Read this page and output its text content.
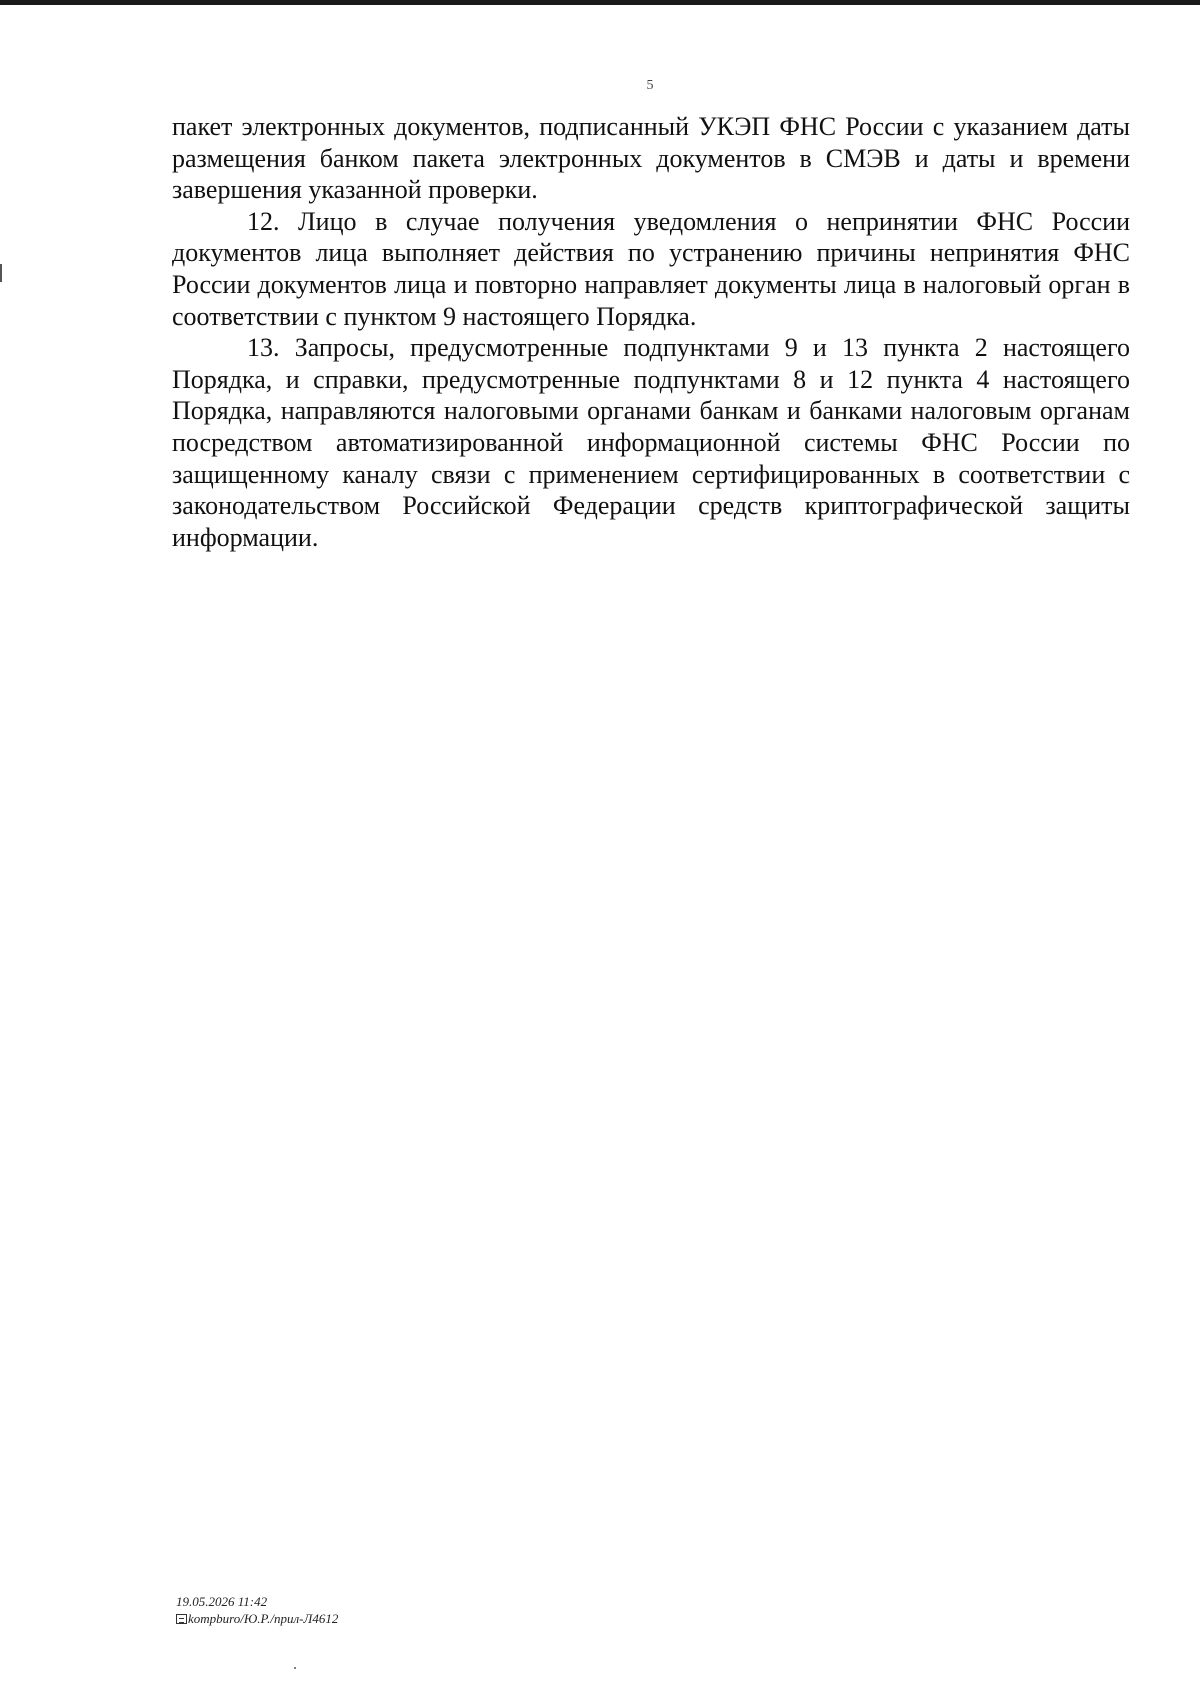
5

пакет электронных документов, подписанный УКЭП ФНС России с указанием даты размещения банком пакета электронных документов в СМЭВ и даты и времени завершения указанной проверки.

12. Лицо в случае получения уведомления о непринятии ФНС России документов лица выполняет действия по устранению причины непринятия ФНС России документов лица и повторно направляет документы лица в налоговый орган в соответствии с пунктом 9 настоящего Порядка.

13. Запросы, предусмотренные подпунктами 9 и 13 пункта 2 настоящего Порядка, и справки, предусмотренные подпунктами 8 и 12 пункта 4 настоящего Порядка, направляются налоговыми органами банкам и банками налоговым органам посредством автоматизированной информационной системы ФНС России по защищенному каналу связи с применением сертифицированных в соответствии с законодательством Российской Федерации средств криптографической защиты информации.

19.05.2026 11:42
kompburo/Ю.Р./прил-Л4612
